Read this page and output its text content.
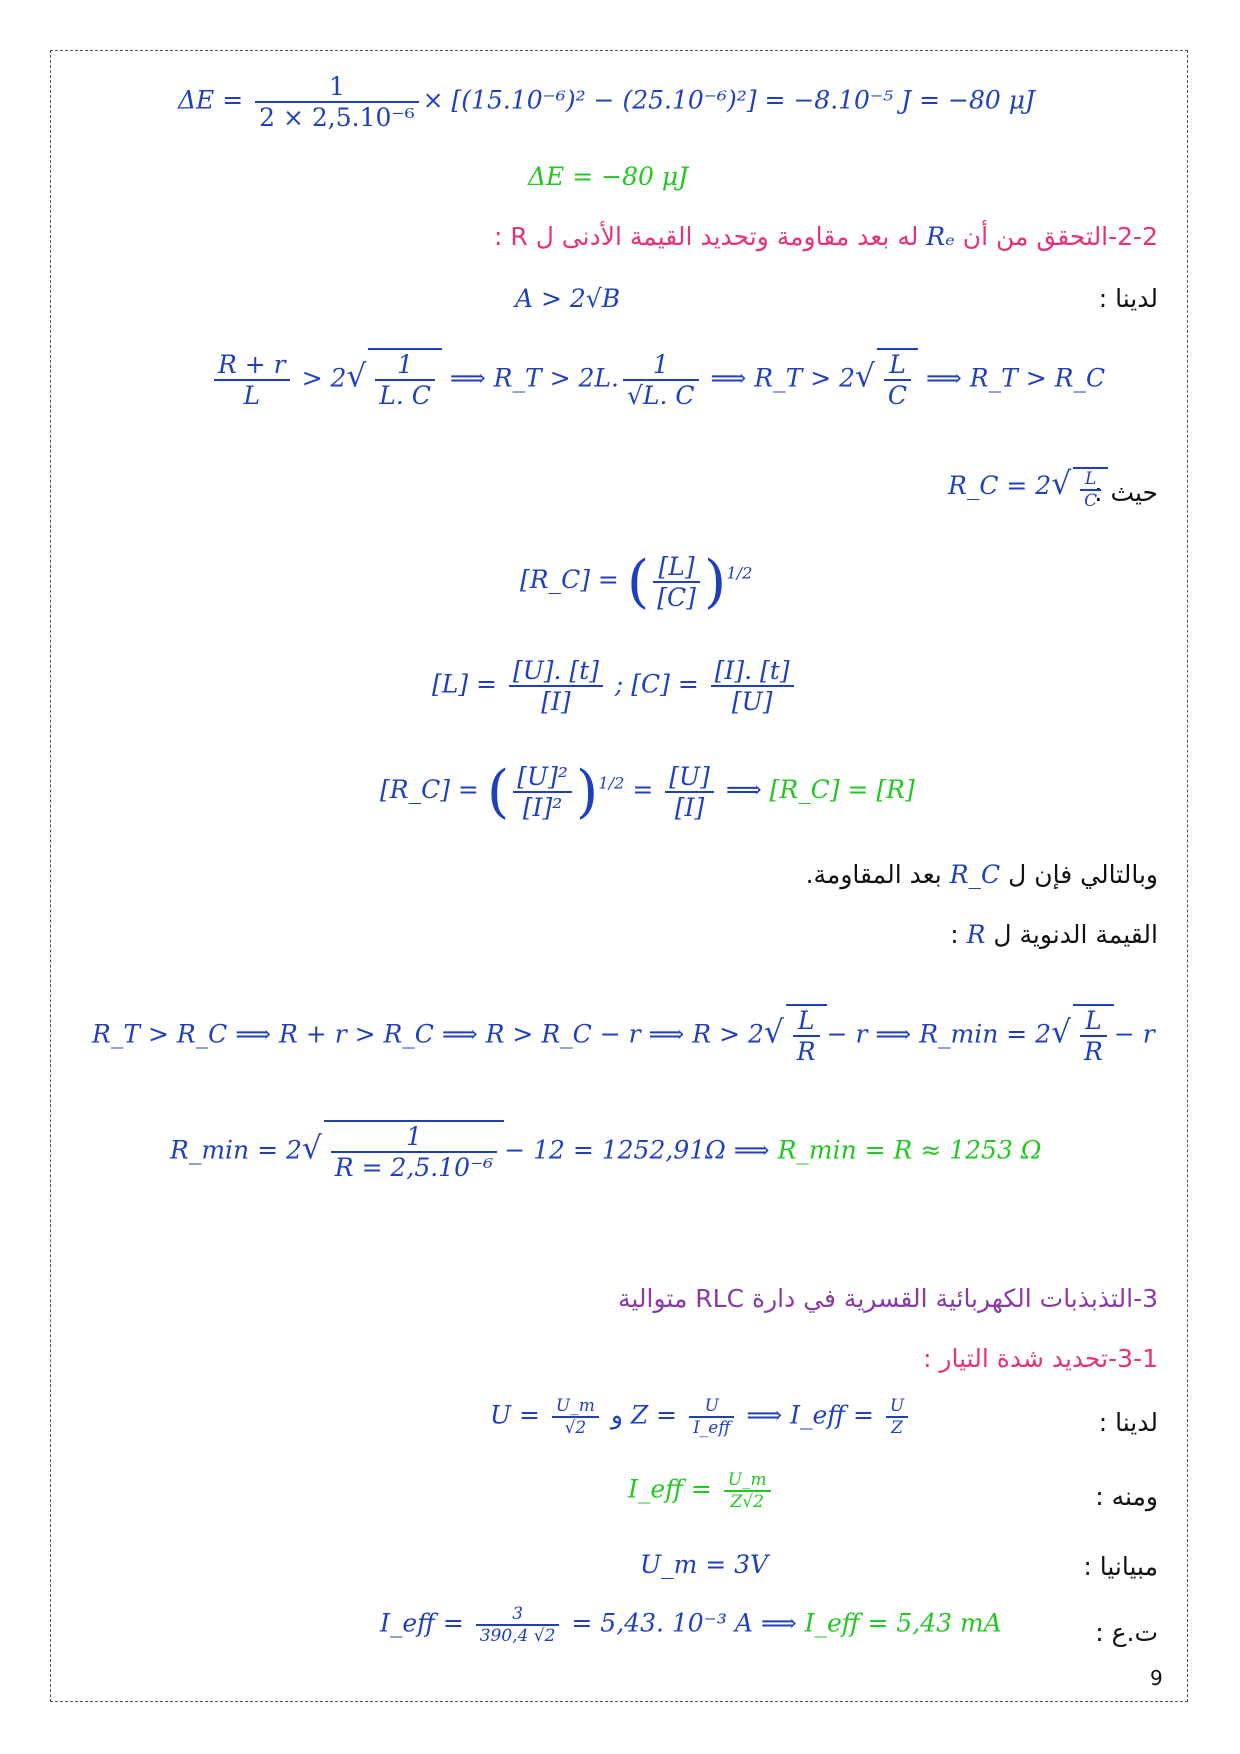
$\Delta E = \frac{1}{\text{2 × 2,5.10⁻⁶}} \times [(15.10^{-6})^2 - (25.10^{-6})^2] = -8.10^{-5}$ J = −80 μJ
ΔE = −80 μJ
2-2-التحقق من أن Rₑ له بعد مقاومة وتحديد القيمة الأدنى ل R :
لدينا :
A > 2√B
$\frac{R + r}{L} > 2√ \frac{1}{L. C}$ ⟹ R_T > 2L. $\frac{1}{√L. C}$ ⟹ R_T > $2√ \frac{L}{C}$ ⟹ R_T > R_C
حيث :
R_C = $2√ \frac{L}{C}$
[R_C] = ( $\frac{[L]}{[C]} )^{1/2}$
$[L] = \frac{[U]. [t]}{[I]}$ ; $[C] = \frac{[I]. [t]}{[U]}$
[R_C] = ( $\frac{\text{[U]²}}{\text{[I]²}} )^{1/2} = \frac{[U]}{[I]}$ ⟹ [R_C] = [R]
وبالتالي فإن ل R_C بعد المقاومة.
القيمة الدنوية ل R :
R_T > R_C ⟹ R + r > R_C ⟹ R > R_C − r ⟹ $R > 2√ \frac{L}{R} - r$ ⟹ R_min = $2√ \frac{L}{R} - r$
R_min = $2√ \frac{1}{\text{R = 2,5.10⁻⁶}} - 12 = 1252,91\Omega$ ⟹ R_min = R ≈ 1253 Ω
3-التذبذبات الكهربائية القسرية في دارة RLC متوالية
3-1-تحديد شدة التيار :
لدينا :
$U = \frac{U\_m}{√2}$ و Z =	U
I_eff ⟹ I_eff = $\frac{U}{Z}$
ومنه :
I_eff = $\frac{U\_m}{Z√2}$
مبيانيا :
U_m = 3V
ت.ع :
I_eff = $\frac{3}{390,4 √2} = 5,43$. 10⁻³ A ⟹ I_eff = 5,43 mA
9
